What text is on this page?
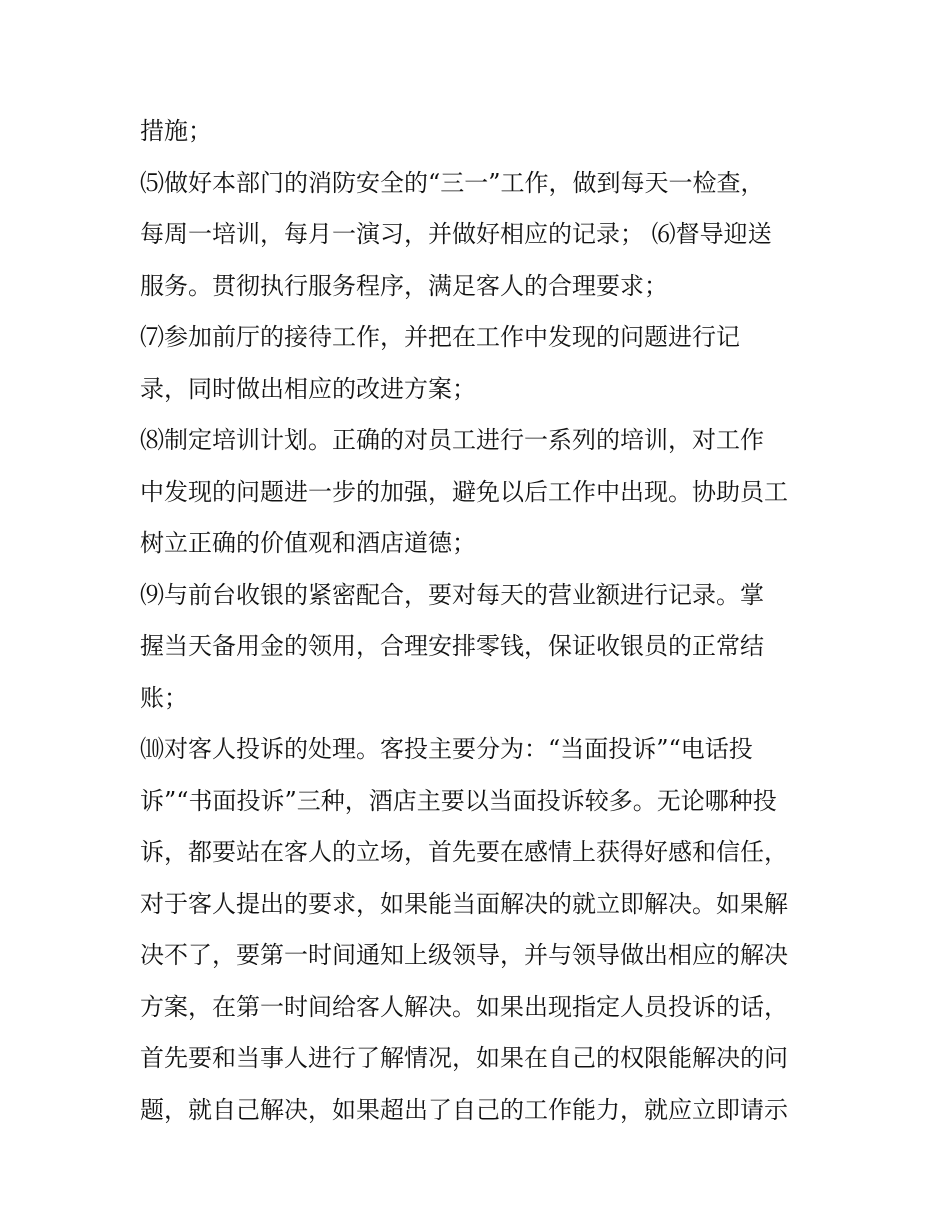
措施；
⑸做好本部门的消防安全的“三一”工作，做到每天一检查，
每周一培训，每月一演习，并做好相应的记录； ⑹督导迎送
服务。贯彻执行服务程序，满足客人的合理要求；
⑺参加前厅的接待工作，并把在工作中发现的问题进行记
录，同时做出相应的改进方案；
⑻制定培训计划。正确的对员工进行一系列的培训，对工作
中发现的问题进一步的加强，避免以后工作中出现。协助员工
树立正确的价值观和酒店道德；
⑼与前台收银的紧密配合，要对每天的营业额进行记录。掌
握当天备用金的领用，合理安排零钱，保证收银员的正常结
账；
⑽对客人投诉的处理。客投主要分为：“当面投诉”“电话投
诉”“书面投诉”三种，酒店主要以当面投诉较多。无论哪种投
诉，都要站在客人的立场，首先要在感情上获得好感和信任，
对于客人提出的要求，如果能当面解决的就立即解决。如果解
决不了，要第一时间通知上级领导，并与领导做出相应的解决
方案，在第一时间给客人解决。如果出现指定人员投诉的话，
首先要和当事人进行了解情况，如果在自己的权限能解决的问
题，就自己解决，如果超出了自己的工作能力，就应立即请示
